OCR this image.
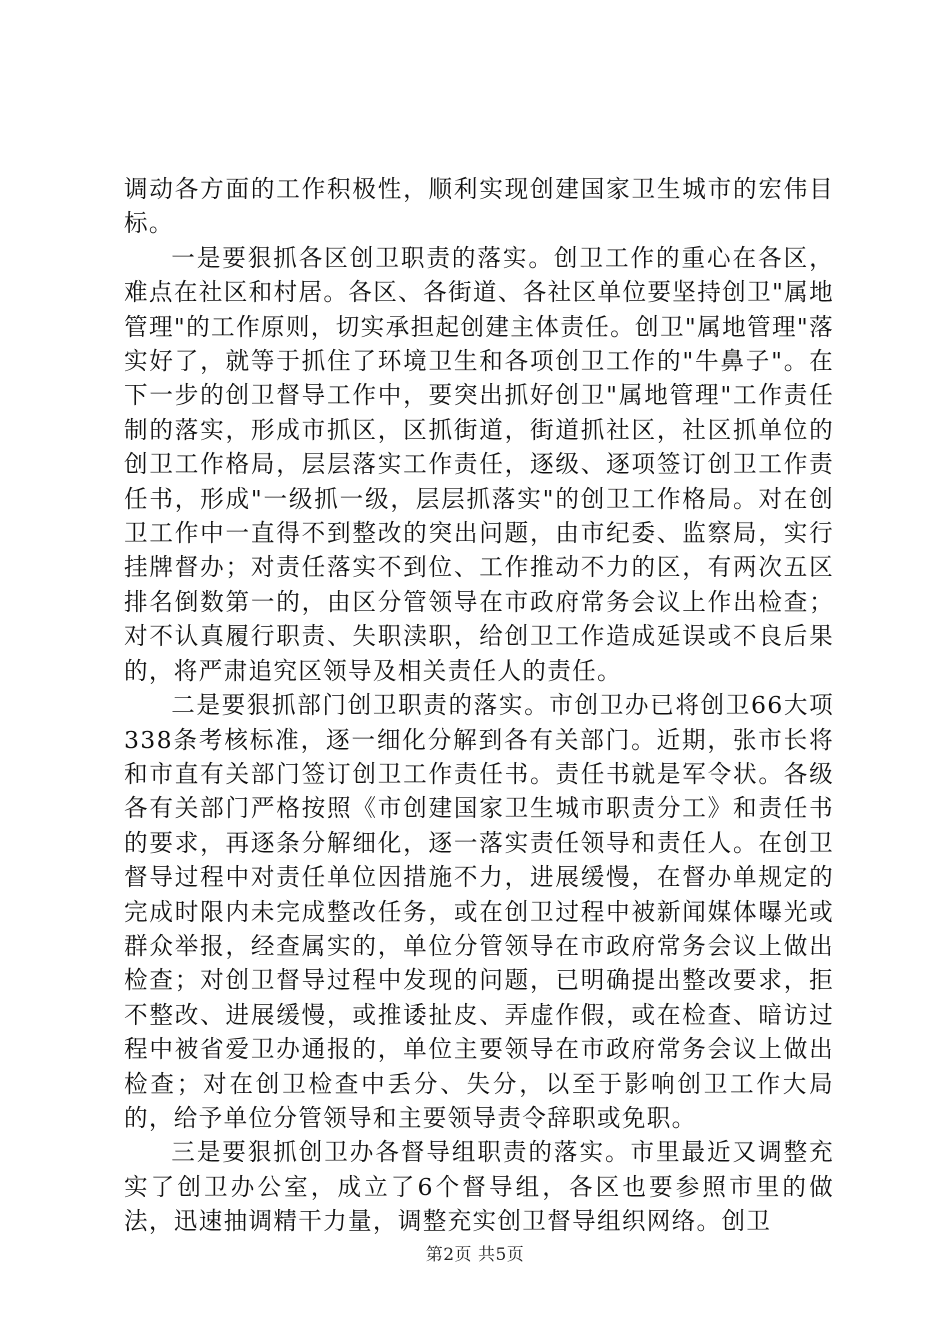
调动各方面的工作积极性，顺利实现创建国家卫生城市的宏伟目标。

一是要狠抓各区创卫职责的落实。创卫工作的重心在各区，难点在社区和村居。各区、各街道、各社区单位要坚持创卫"属地管理"的工作原则，切实承担起创建主体责任。创卫"属地管理"落实好了，就等于抓住了环境卫生和各项创卫工作的"牛鼻子"。在下一步的创卫督导工作中，要突出抓好创卫"属地管理"工作责任制的落实，形成市抓区，区抓街道，街道抓社区，社区抓单位的创卫工作格局，层层落实工作责任，逐级、逐项签订创卫工作责任书，形成"一级抓一级，层层抓落实"的创卫工作格局。对在创卫工作中一直得不到整改的突出问题，由市纪委、监察局，实行挂牌督办；对责任落实不到位、工作推动不力的区，有两次五区排名倒数第一的，由区分管领导在市政府常务会议上作出检查；对不认真履行职责、失职渎职，给创卫工作造成延误或不良后果的，将严肃追究区领导及相关责任人的责任。

二是要狠抓部门创卫职责的落实。市创卫办已将创卫66大项338条考核标准，逐一细化分解到各有关部门。近期，张市长将和市直有关部门签订创卫工作责任书。责任书就是军令状。各级各有关部门严格按照《市创建国家卫生城市职责分工》和责任书的要求，再逐条分解细化，逐一落实责任领导和责任人。在创卫督导过程中对责任单位因措施不力，进展缓慢，在督办单规定的完成时限内未完成整改任务，或在创卫过程中被新闻媒体曝光或群众举报，经查属实的，单位分管领导在市政府常务会议上做出检查；对创卫督导过程中发现的问题，已明确提出整改要求，拒不整改、进展缓慢，或推诿扯皮、弄虚作假，或在检查、暗访过程中被省爱卫办通报的，单位主要领导在市政府常务会议上做出检查；对在创卫检查中丢分、失分，以至于影响创卫工作大局的，给予单位分管领导和主要领导责令辞职或免职。

三是要狠抓创卫办各督导组职责的落实。市里最近又调整充实了创卫办公室，成立了6个督导组，各区也要参照市里的做法，迅速抽调精干力量，调整充实创卫督导组织网络。创卫

第2页 共5页
